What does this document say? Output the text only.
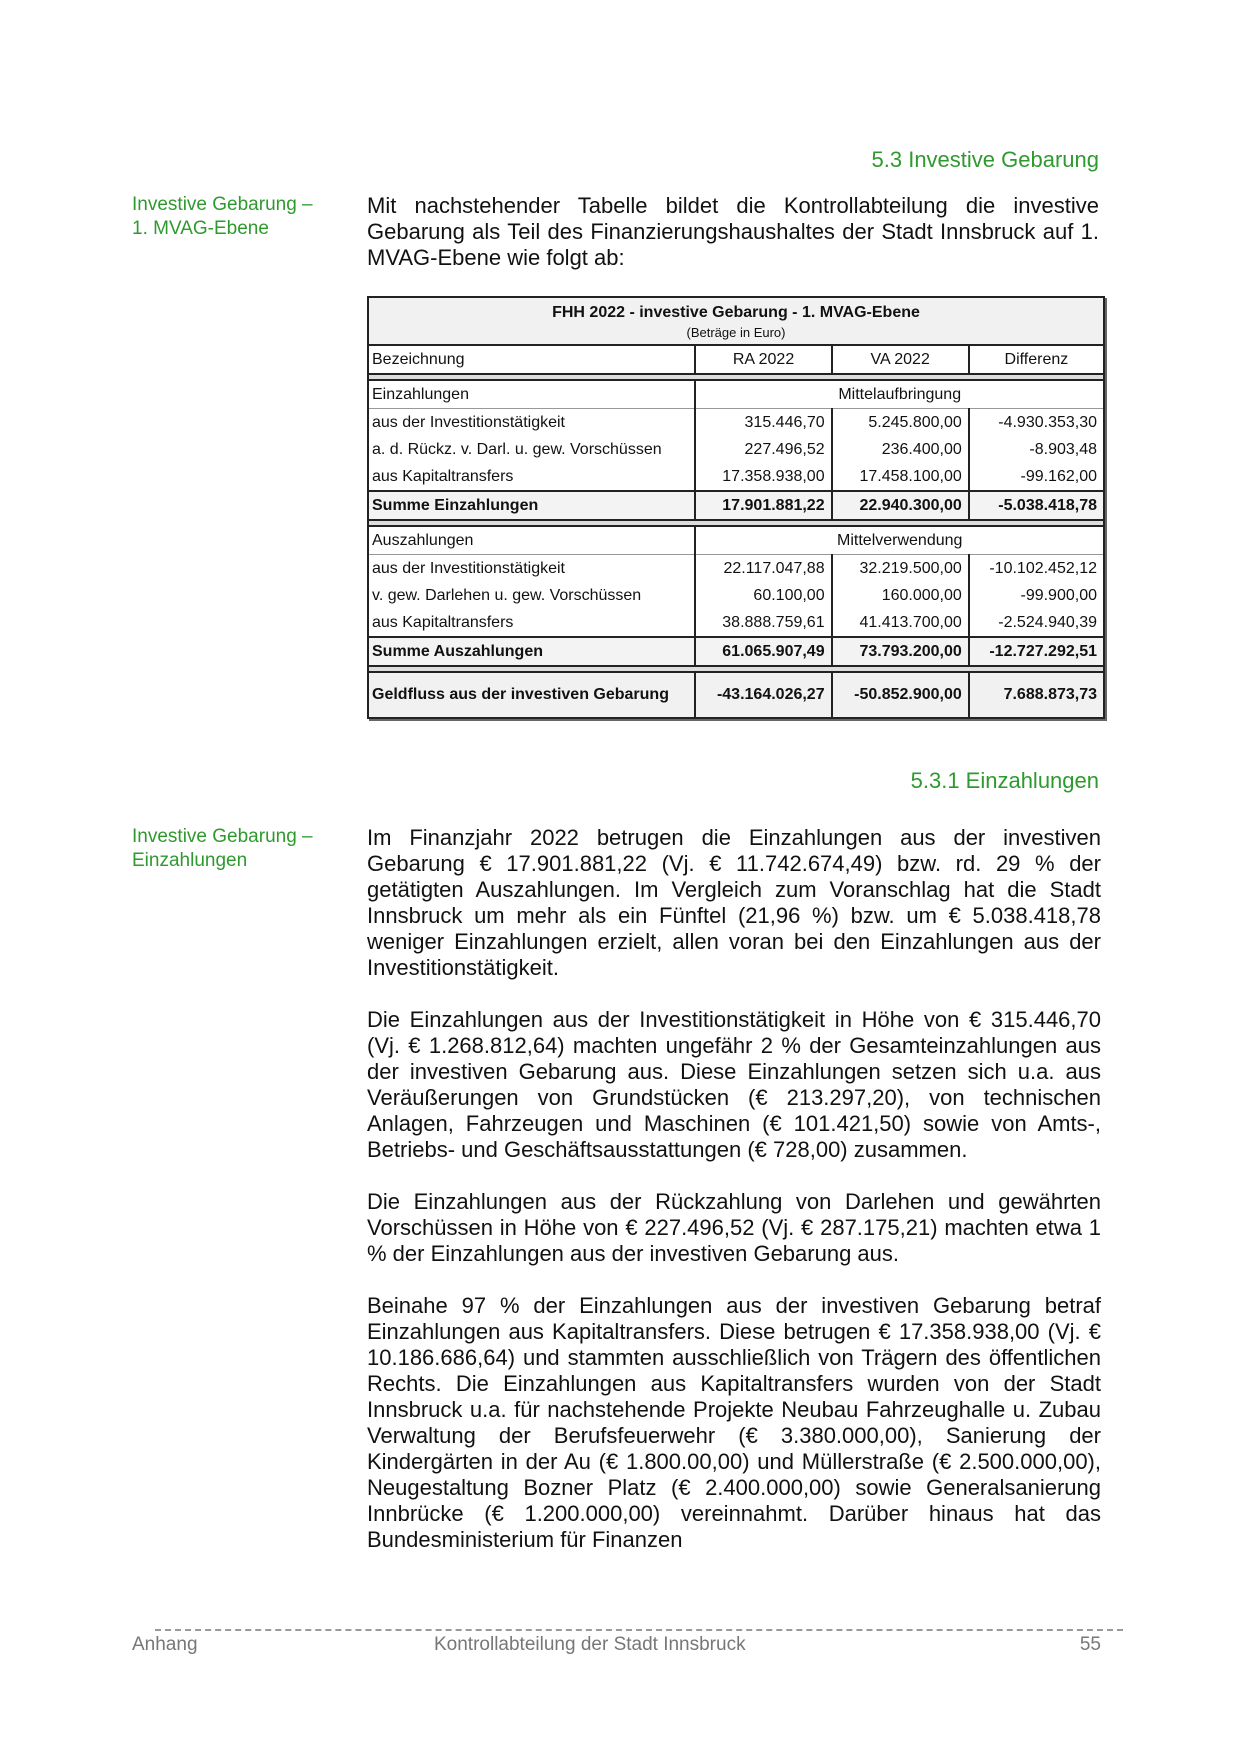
5.3 Investive Gebarung
Investive Gebarung –
1. MVAG-Ebene

Mit nachstehender Tabelle bildet die Kontrollabteilung die investive Gebarung als Teil des Finanzierungshaushaltes der Stadt Innsbruck auf 1. MVAG-Ebene wie folgt ab:

FHH 2022 - investive Gebarung - 1. MVAG-Ebene
(Beträge in Euro)
Bezeichnung	RA 2022	VA 2022	Differenz

Einzahlungen	Mittelaufbringung		
aus der Investitionstätigkeit	315.446,70	5.245.800,00	-4.930.353,30
a. d. Rückz. v. Darl. u. gew. Vorschüssen	227.496,52	236.400,00	-8.903,48
aus Kapitaltransfers	17.358.938,00	17.458.100,00	-99.162,00
Summe Einzahlungen	17.901.881,22	22.940.300,00	-5.038.418,78

Auszahlungen	Mittelverwendung		
aus der Investitionstätigkeit	22.117.047,88	32.219.500,00	-10.102.452,12
v. gew. Darlehen u. gew. Vorschüssen	60.100,00	160.000,00	-99.900,00
aus Kapitaltransfers	38.888.759,61	41.413.700,00	-2.524.940,39
Summe Auszahlungen	61.065.907,49	73.793.200,00	-12.727.292,51

Geldfluss aus der investiven Gebarung	-43.164.026,27	-50.852.900,00	7.688.873,73
5.3.1 Einzahlungen
Investive Gebarung –
Einzahlungen

Im Finanzjahr 2022 betrugen die Einzahlungen aus der investiven Gebarung € 17.901.881,22 (Vj. € 11.742.674,49) bzw. rd. 29 % der getätigten Auszahlungen. Im Vergleich zum Voranschlag hat die Stadt Innsbruck um mehr als ein Fünftel (21,96 %) bzw. um € 5.038.418,78 weniger Einzahlungen erzielt, allen voran bei den Einzahlungen aus der Investitionstätigkeit.

Die Einzahlungen aus der Investitionstätigkeit in Höhe von € 315.446,70 (Vj. € 1.268.812,64) machten ungefähr 2 % der Gesamteinzahlungen aus der investiven Gebarung aus. Diese Einzahlungen setzen sich u.a. aus Veräußerungen von Grundstücken (€ 213.297,20), von technischen Anlagen, Fahrzeugen und Maschinen (€ 101.421,50) sowie von Amts-, Betriebs- und Geschäftsausstattungen (€ 728,00) zusammen.

Die Einzahlungen aus der Rückzahlung von Darlehen und gewährten Vorschüssen in Höhe von € 227.496,52 (Vj. € 287.175,21) machten etwa 1 % der Einzahlungen aus der investiven Gebarung aus.

Beinahe 97 % der Einzahlungen aus der investiven Gebarung betraf Einzahlungen aus Kapitaltransfers. Diese betrugen € 17.358.938,00 (Vj. € 10.186.686,64) und stammten ausschließlich von Trägern des öffentlichen Rechts. Die Einzahlungen aus Kapitaltransfers wurden von der Stadt Innsbruck u.a. für nachstehende Projekte Neubau Fahrzeughalle u. Zubau Verwaltung der Berufsfeuerwehr (€ 3.380.000,00), Sanierung der Kindergärten in der Au (€ 1.800.00,00) und Müllerstraße (€ 2.500.000,00), Neugestaltung Bozner Platz (€ 2.400.000,00) sowie Generalsanierung Innbrücke (€ 1.200.000,00) vereinnahmt. Darüber hinaus hat das Bundesministerium für Finanzen

Anhang	Kontrollabteilung der Stadt Innsbruck	55
